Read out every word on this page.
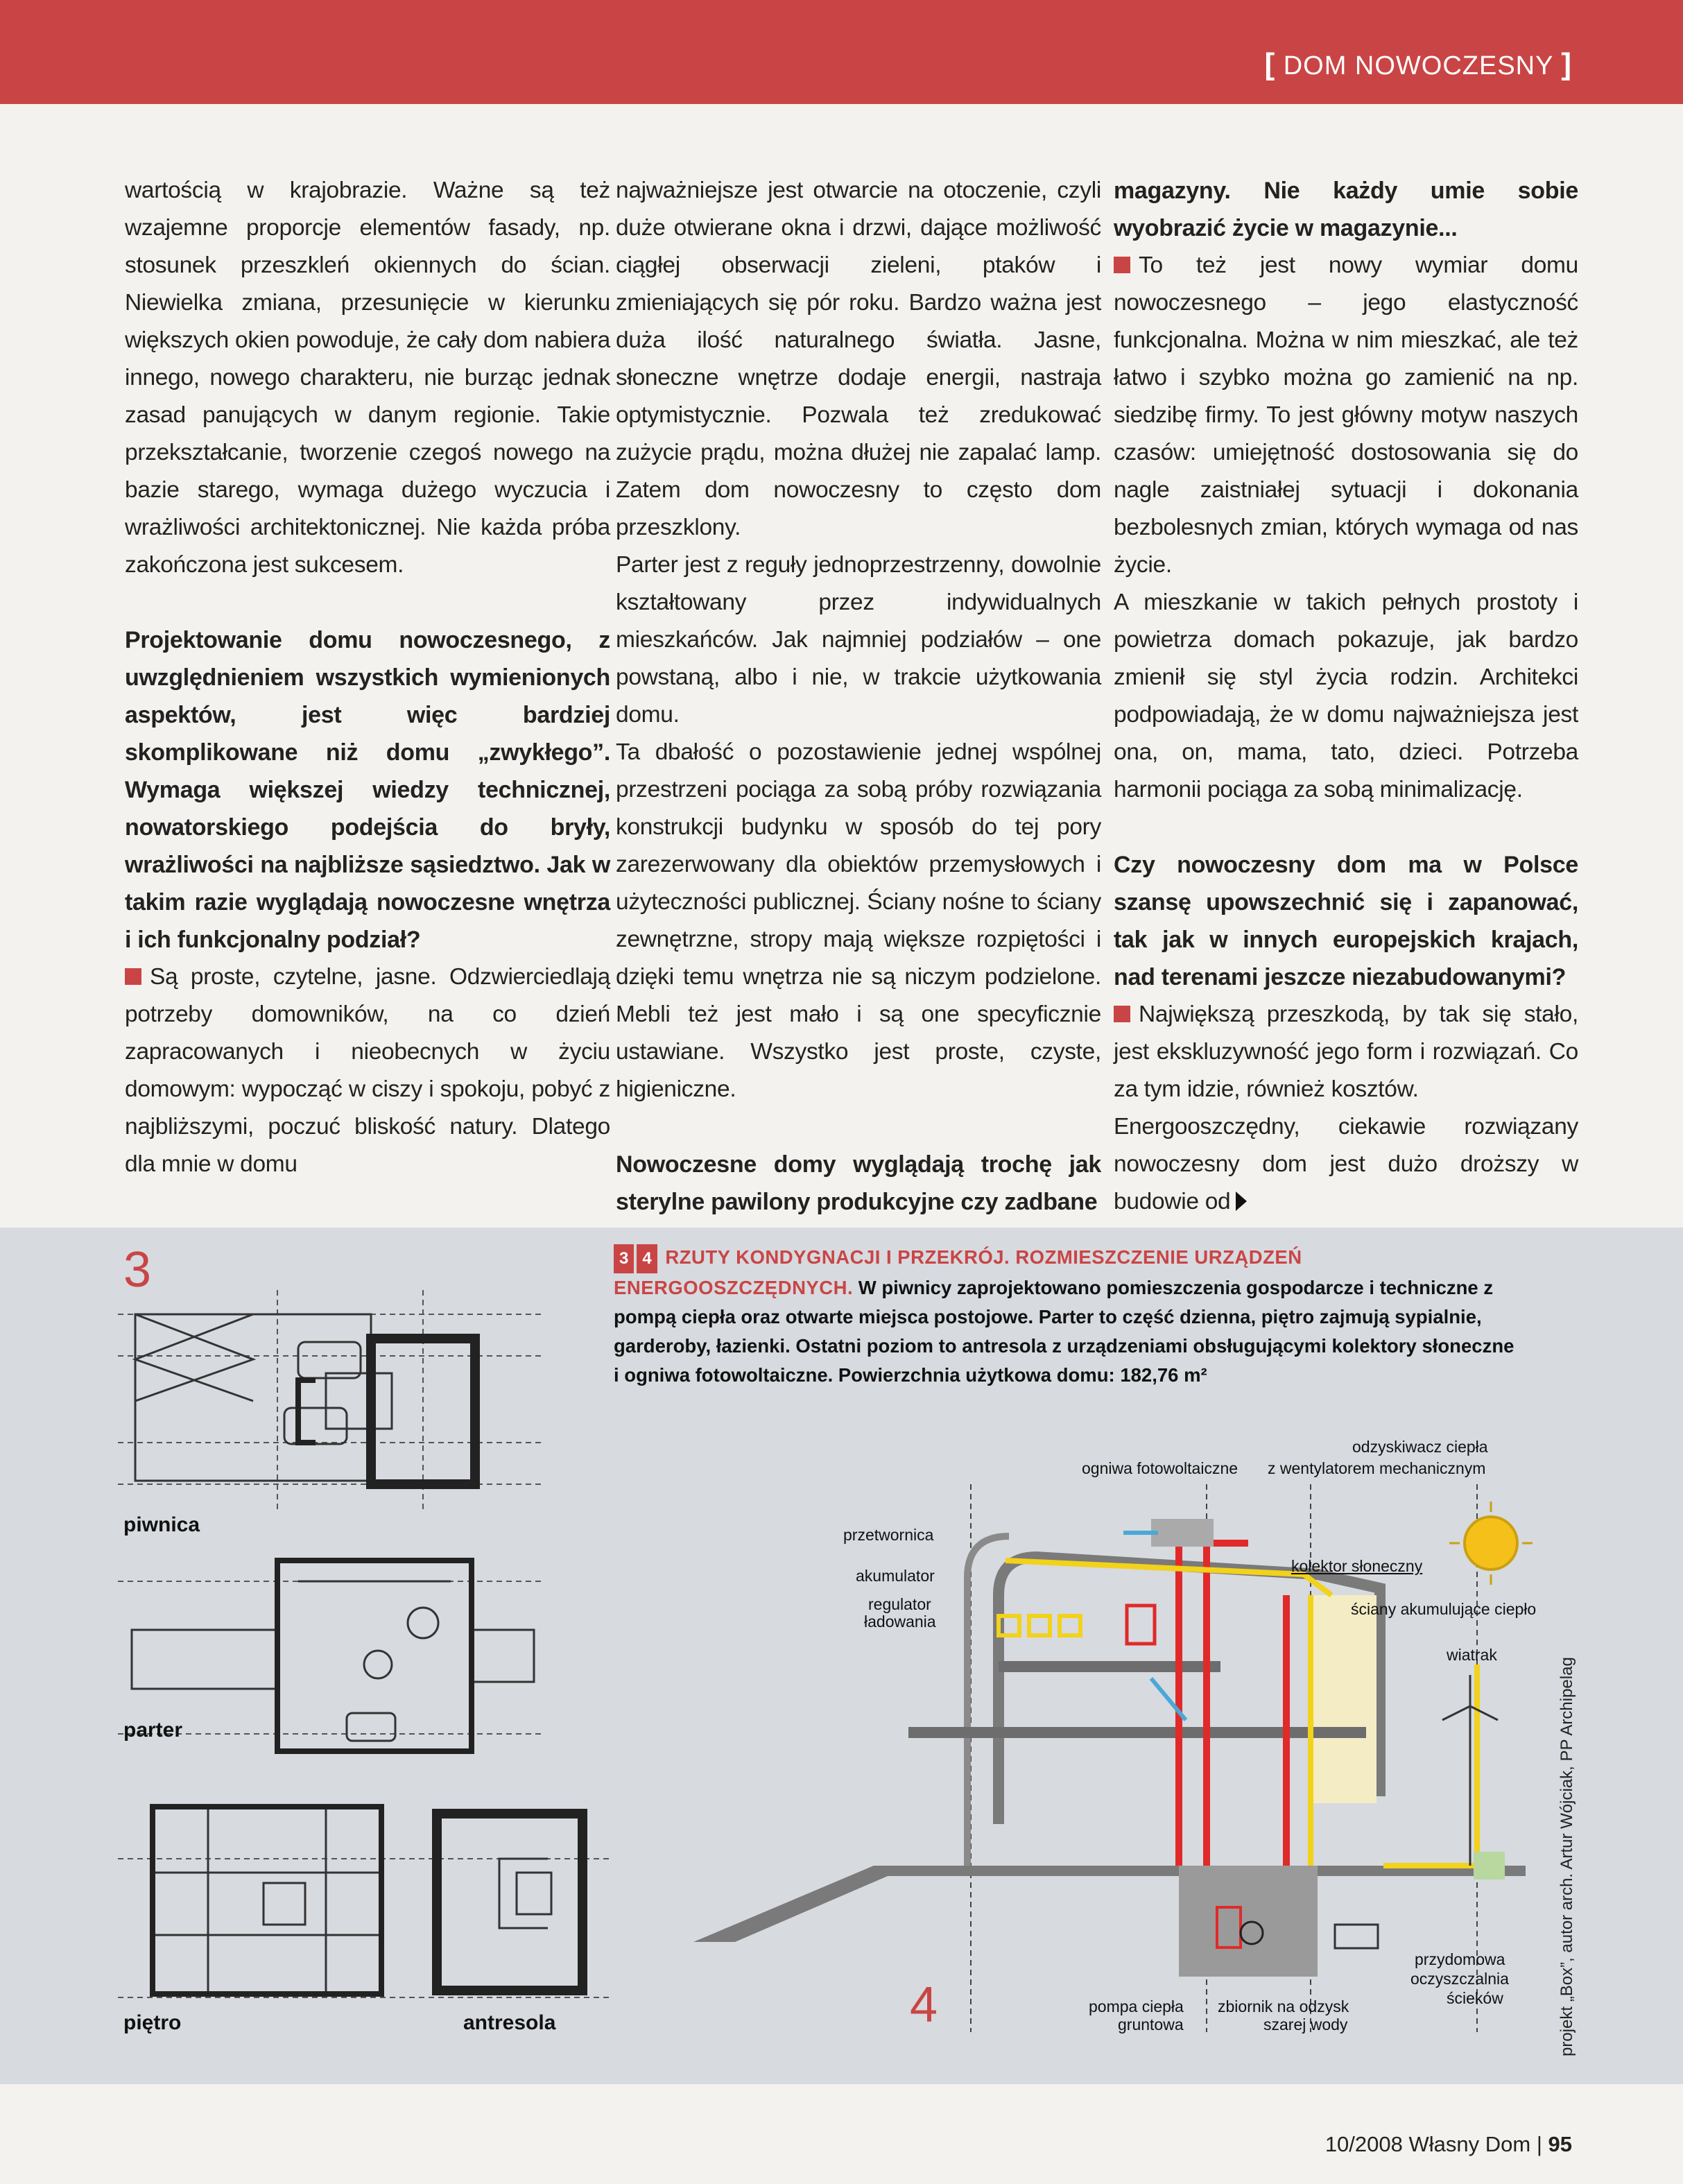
[ DOM NOWOCZESNY ]

wartością w krajobrazie. Ważne są też wzajemne proporcje elementów fasady, np. stosunek przeszkleń okiennych do ścian. Niewielka zmiana, przesunięcie w kierunku większych okien powoduje, że cały dom nabiera innego, nowego charakteru, nie burząc jednak zasad panujących w danym regionie. Takie przekształcanie, tworzenie czegoś nowego na bazie starego, wymaga dużego wyczucia i wrażliwości architektonicznej. Nie każda próba zakończona jest sukcesem.

Projektowanie domu nowoczesnego, z uwzględnieniem wszystkich wymienionych aspektów, jest więc bardziej skomplikowane niż domu „zwykłego”. Wymaga większej wiedzy technicznej, nowatorskiego podejścia do bryły, wrażliwości na najbliższe sąsiedztwo. Jak w takim razie wyglądają nowoczesne wnętrza i ich funkcjonalny podział?

Są proste, czytelne, jasne. Odzwierciedlają potrzeby domowników, na co dzień zapracowanych i nieobecnych w życiu domowym: wypocząć w ciszy i spokoju, pobyć z najbliższymi, poczuć bliskość natury. Dlatego dla mnie w domu

najważniejsze jest otwarcie na otoczenie, czyli duże otwierane okna i drzwi, dające możliwość ciągłej obserwacji zieleni, ptaków i zmieniających się pór roku. Bardzo ważna jest duża ilość naturalnego światła. Jasne, słoneczne wnętrze dodaje energii, nastraja optymistycznie. Pozwala też zredukować zużycie prądu, można dłużej nie zapalać lamp. Zatem dom nowoczesny to często dom przeszklony.

Parter jest z reguły jednoprzestrzenny, dowolnie kształtowany przez indywidualnych mieszkańców. Jak najmniej podziałów – one powstaną, albo i nie, w trakcie użytkowania domu.

Ta dbałość o pozostawienie jednej wspólnej przestrzeni pociąga za sobą próby rozwiązania konstrukcji budynku w sposób do tej pory zarezerwowany dla obiektów przemysłowych i użyteczności publicznej. Ściany nośne to ściany zewnętrzne, stropy mają większe rozpiętości i dzięki temu wnętrza nie są niczym podzielone. Mebli też jest mało i są one specyficznie ustawiane. Wszystko jest proste, czyste, higieniczne.

Nowoczesne domy wyglądają trochę jak sterylne pawilony produkcyjne czy zadbane

magazyny. Nie każdy umie sobie wyobrazić życie w magazynie...

To też jest nowy wymiar domu nowoczesnego – jego elastyczność funkcjonalna. Można w nim mieszkać, ale też łatwo i szybko można go zamienić na np. siedzibę firmy. To jest główny motyw naszych czasów: umiejętność dostosowania się do nagle zaistniałej sytuacji i dokonania bezbolesnych zmian, których wymaga od nas życie.

A mieszkanie w takich pełnych prostoty i powietrza domach pokazuje, jak bardzo zmienił się styl życia rodzin. Architekci podpowiadają, że w domu najważniejsza jest ona, on, mama, tato, dzieci. Potrzeba harmonii pociąga za sobą minimalizację.

Czy nowoczesny dom ma w Polsce szansę upowszechnić się i zapanować, tak jak w innych europejskich krajach, nad terenami jeszcze niezabudowanymi?

Największą przeszkodą, by tak się stało, jest ekskluzywność jego form i rozwiązań. Co za tym idzie, również kosztów.

Energooszczędny, ciekawie rozwiązany nowoczesny dom jest dużo droższy w budowie od

3
4
3 4 RZUTY KONDYGNACJI I PRZEKRÓJ. ROZMIESZCZENIE URZĄDZEŃ ENERGOOSZCZĘDNYCH. W piwnicy zaprojektowano pomieszczenia gospodarcze i techniczne z pompą ciepła oraz otwarte miejsca postojowe. Parter to część dzienna, piętro zajmują sypialnie, garderoby, łazienki. Ostatni poziom to antresola z urządzeniami obsługującymi kolektory słoneczne i ogniwa fotowoltaiczne. Powierzchnia użytkowa domu: 182,76 m²
piwnica
parter
piętro	antresola
ogniwa fotowoltaiczne
odzyskiwacz ciepła
z wentylatorem mechanicznym
przetwornica
akumulator
regulator
ładowania
kolektor słoneczny
ściany akumulujące ciepło
wiatrak
pompa ciepła
gruntowa
zbiornik na odzysk
szarej wody
przydomowa
oczyszczalnia
ścieków	projekt „Box”, autor arch. Artur Wójciak, PP Archipelag
10/2008 Własny Dom | 95
